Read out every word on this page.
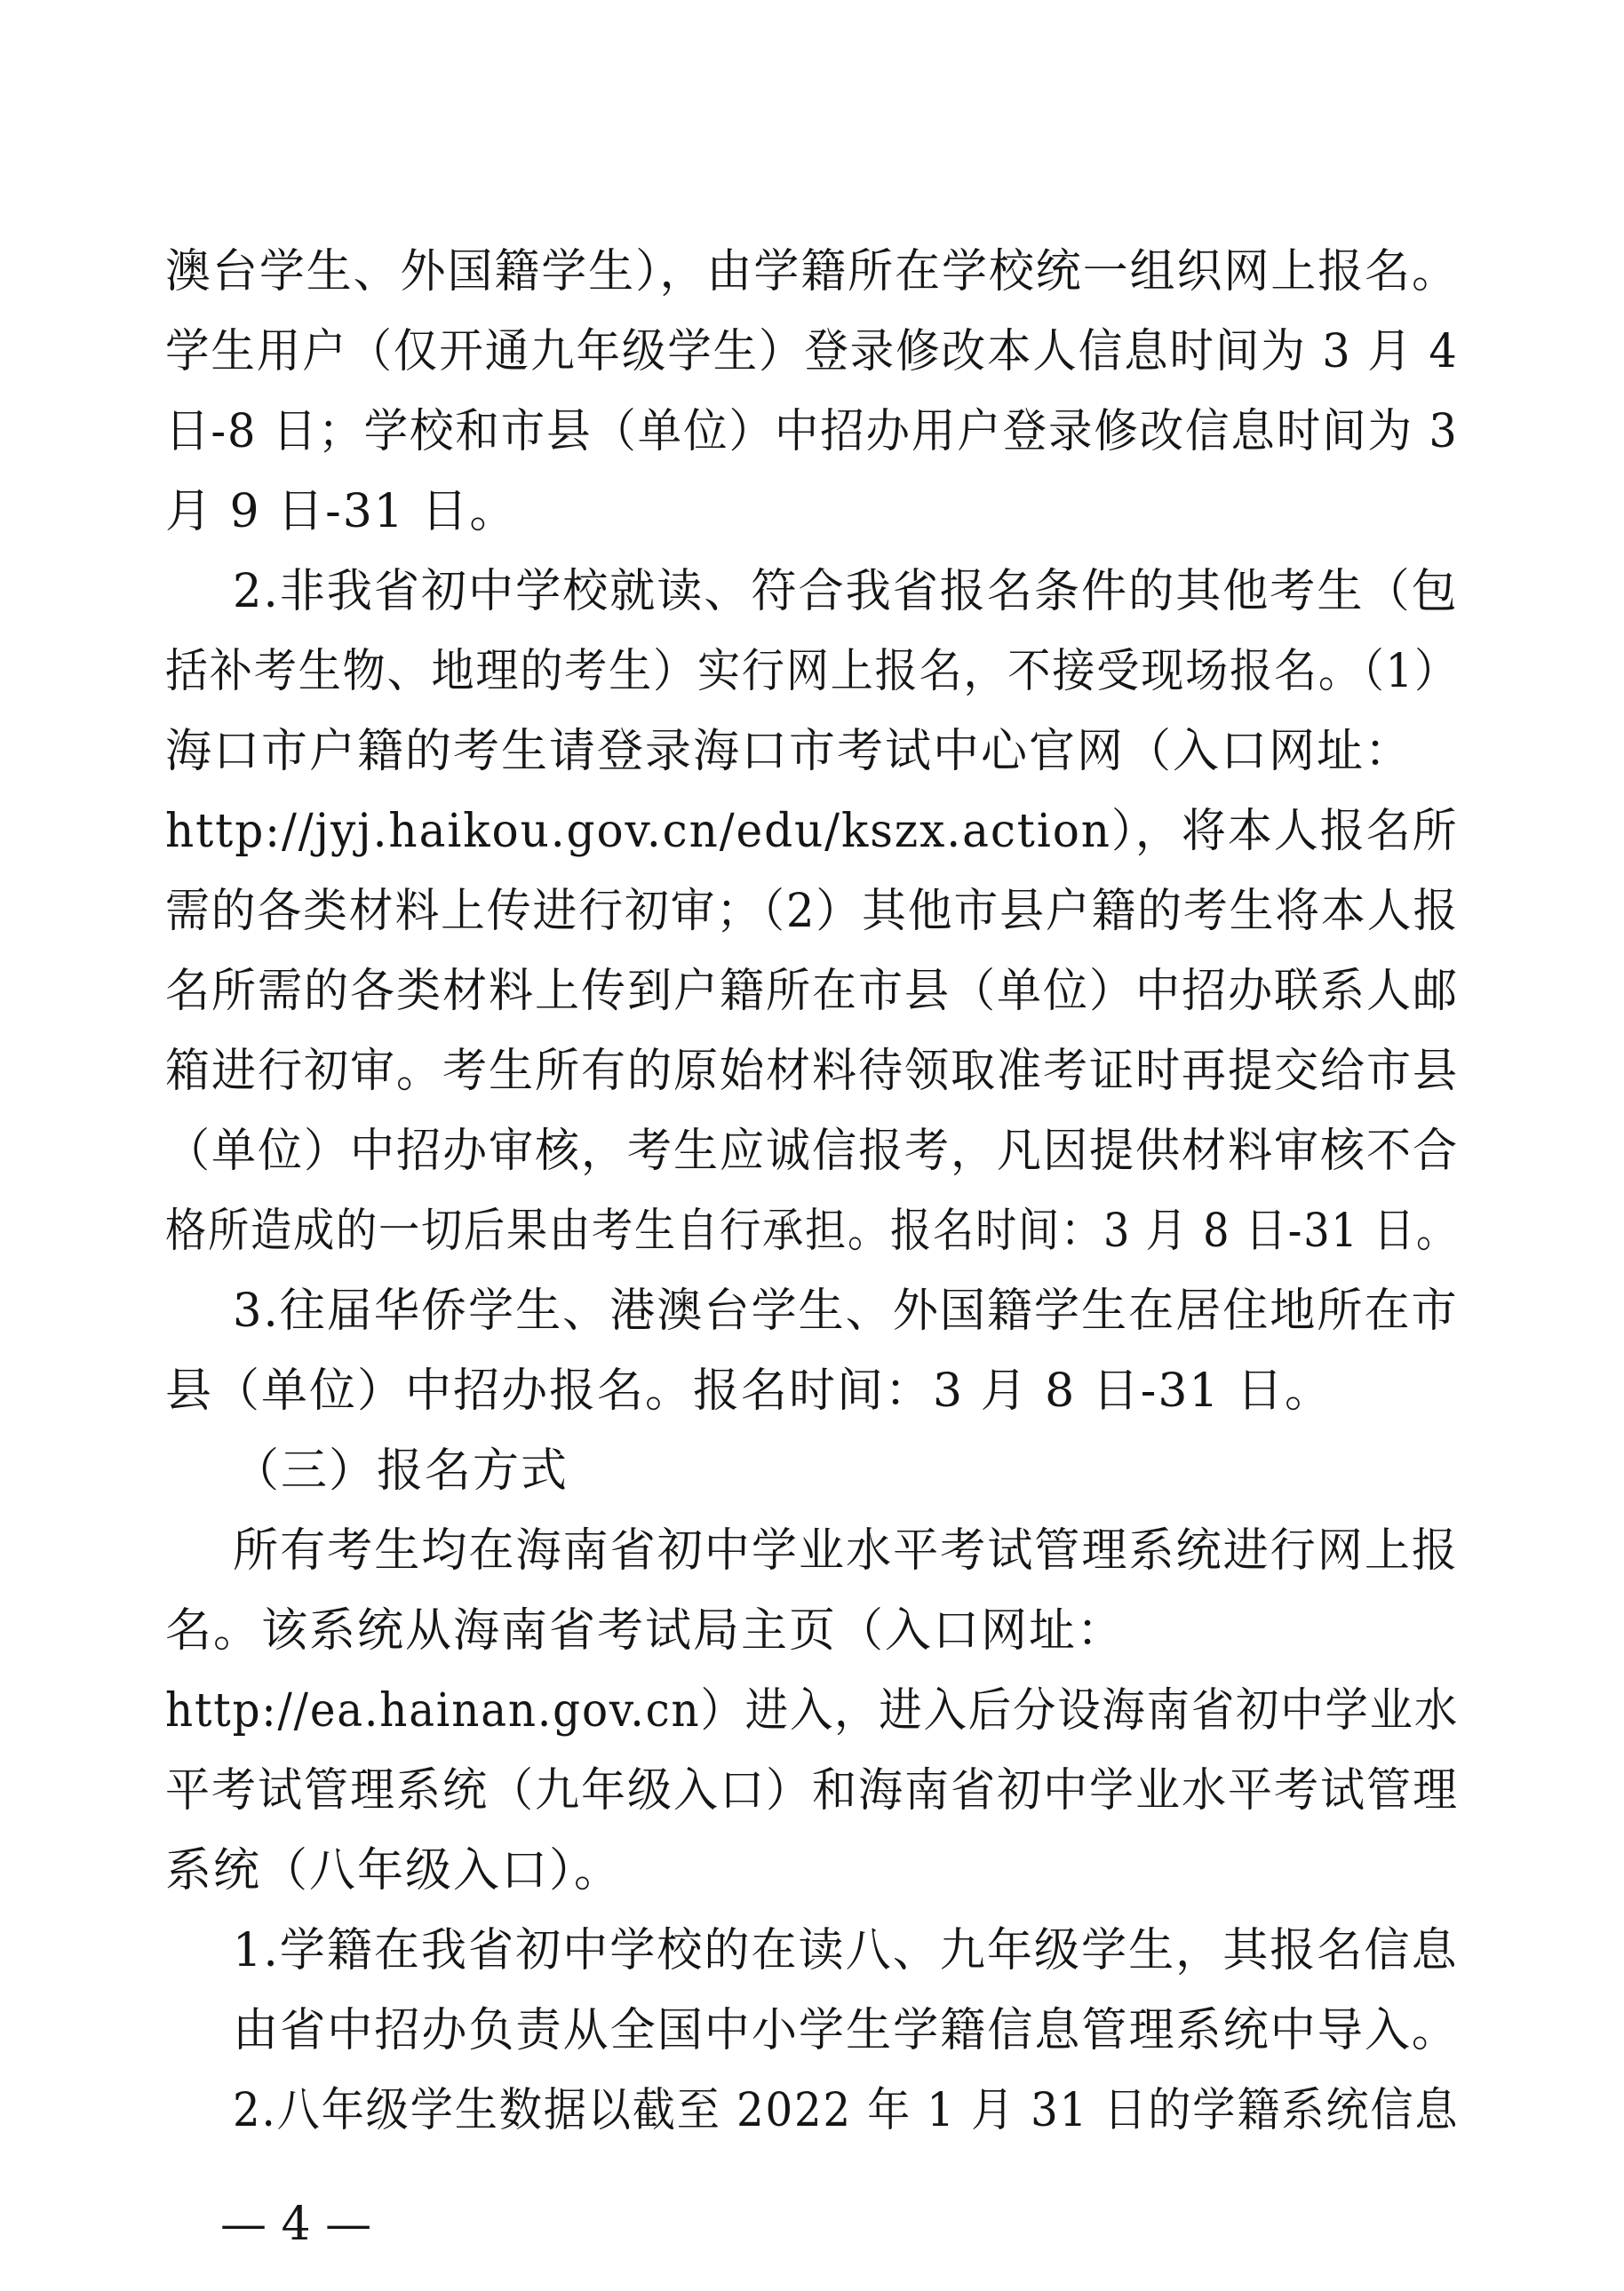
澳台学生、外国籍学生），由学籍所在学校统一组织网上报名。
学生用户（仅开通九年级学生）登录修改本人信息时间为 3 月 4
日-8 日；学校和市县（单位）中招办用户登录修改信息时间为 3
月 9 日-31 日。
2.非我省初中学校就读、符合我省报名条件的其他考生（包
括补考生物、地理的考生）实行网上报名，不接受现场报名。（1）
海口市户籍的考生请登录海口市考试中心官网（入口网址：
http://jyj.haikou.gov.cn/edu/kszx.action），将本人报名所
需的各类材料上传进行初审；（2）其他市县户籍的考生将本人报
名所需的各类材料上传到户籍所在市县（单位）中招办联系人邮
箱进行初审。考生所有的原始材料待领取准考证时再提交给市县
（单位）中招办审核，考生应诚信报考，凡因提供材料审核不合
格所造成的一切后果由考生自行承担。报名时间：3 月 8 日-31 日。
3.往届华侨学生、港澳台学生、外国籍学生在居住地所在市
县（单位）中招办报名。报名时间：3 月 8 日-31 日。
（三）报名方式
所有考生均在海南省初中学业水平考试管理系统进行网上报
名。该系统从海南省考试局主页（入口网址：
http://ea.hainan.gov.cn）进入，进入后分设海南省初中学业水
平考试管理系统（九年级入口）和海南省初中学业水平考试管理
系统（八年级入口）。
1.学籍在我省初中学校的在读八、九年级学生，其报名信息
由省中招办负责从全国中小学生学籍信息管理系统中导入。
2.八年级学生数据以截至 2022 年 1 月 31 日的学籍系统信息
— 4 —
